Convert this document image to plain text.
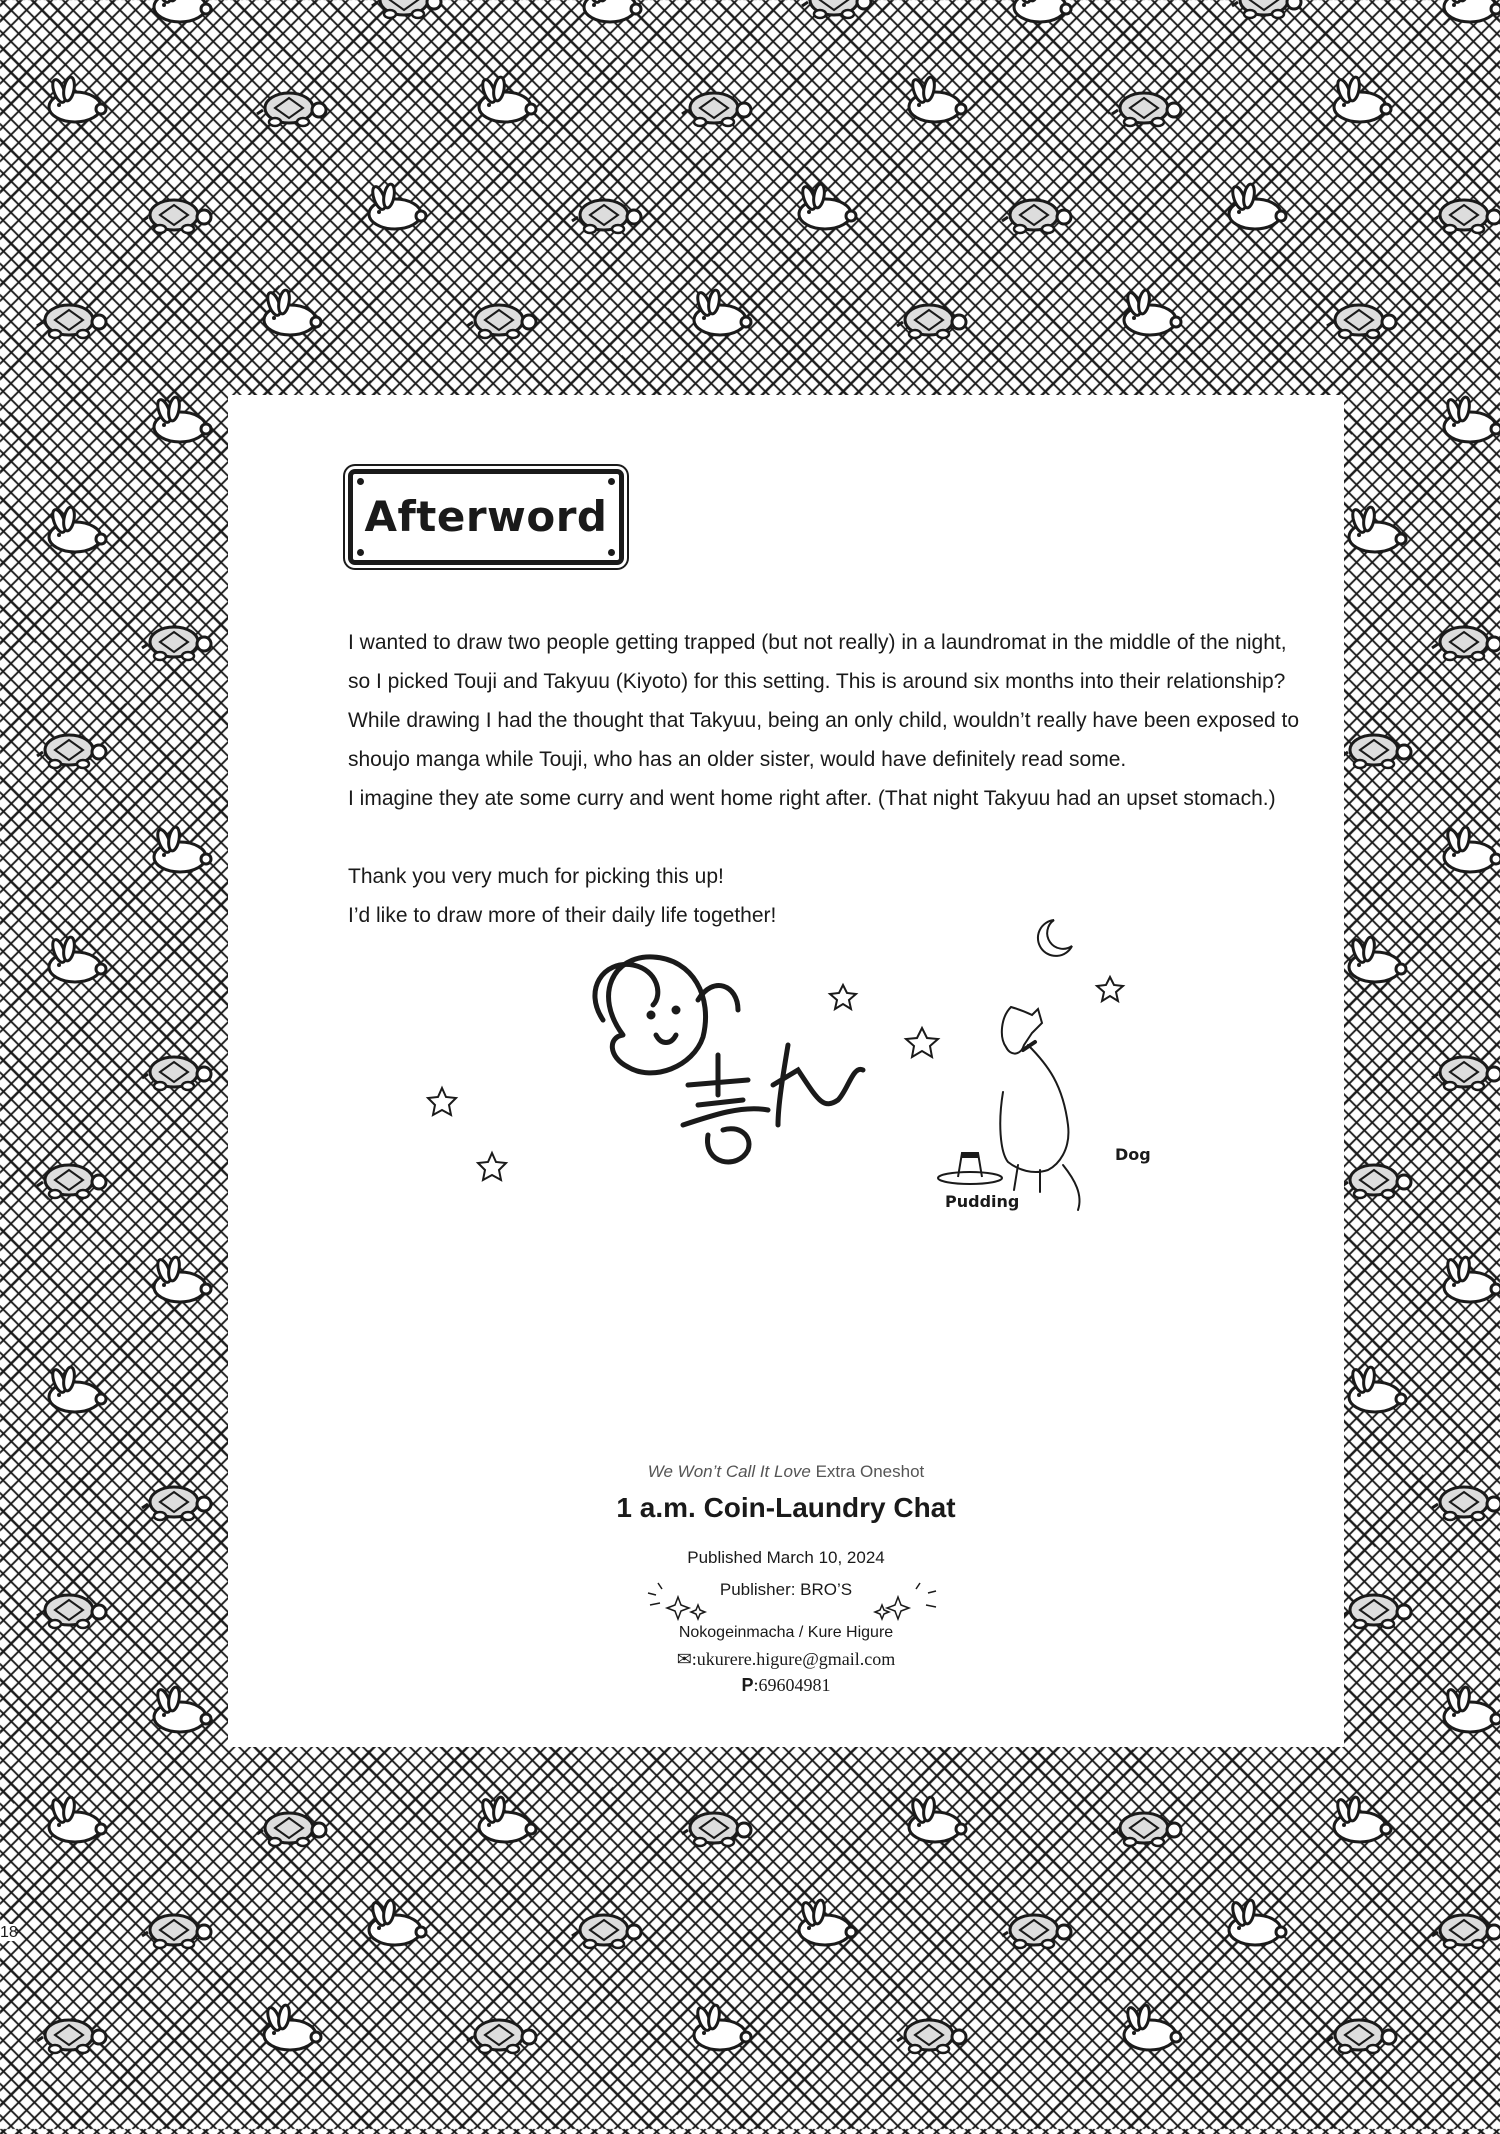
18
Afterword

I wanted to draw two people getting trapped (but not really) in a laundromat in the middle of the night,

so I picked Touji and Takyuu (Kiyoto) for this setting. This is around six months into their relationship?

While drawing I had the thought that Takyuu, being an only child, wouldn’t really have been exposed to

shoujo manga while Touji, who has an older sister, would have definitely read some.

I imagine they ate some curry and went home right after. (That night Takyuu had an upset stomach.)

Thank you very much for picking this up!

I’d like to draw more of their daily life together!

Pudding
Dog
We Won’t Call It Love Extra Oneshot
1 a.m. Coin-Laundry Chat
Published March 10, 2024
Publisher: BRO’S
Nokogeinmacha / Kure Higure
✉:ukurere.higure@gmail.com
P:69604981
